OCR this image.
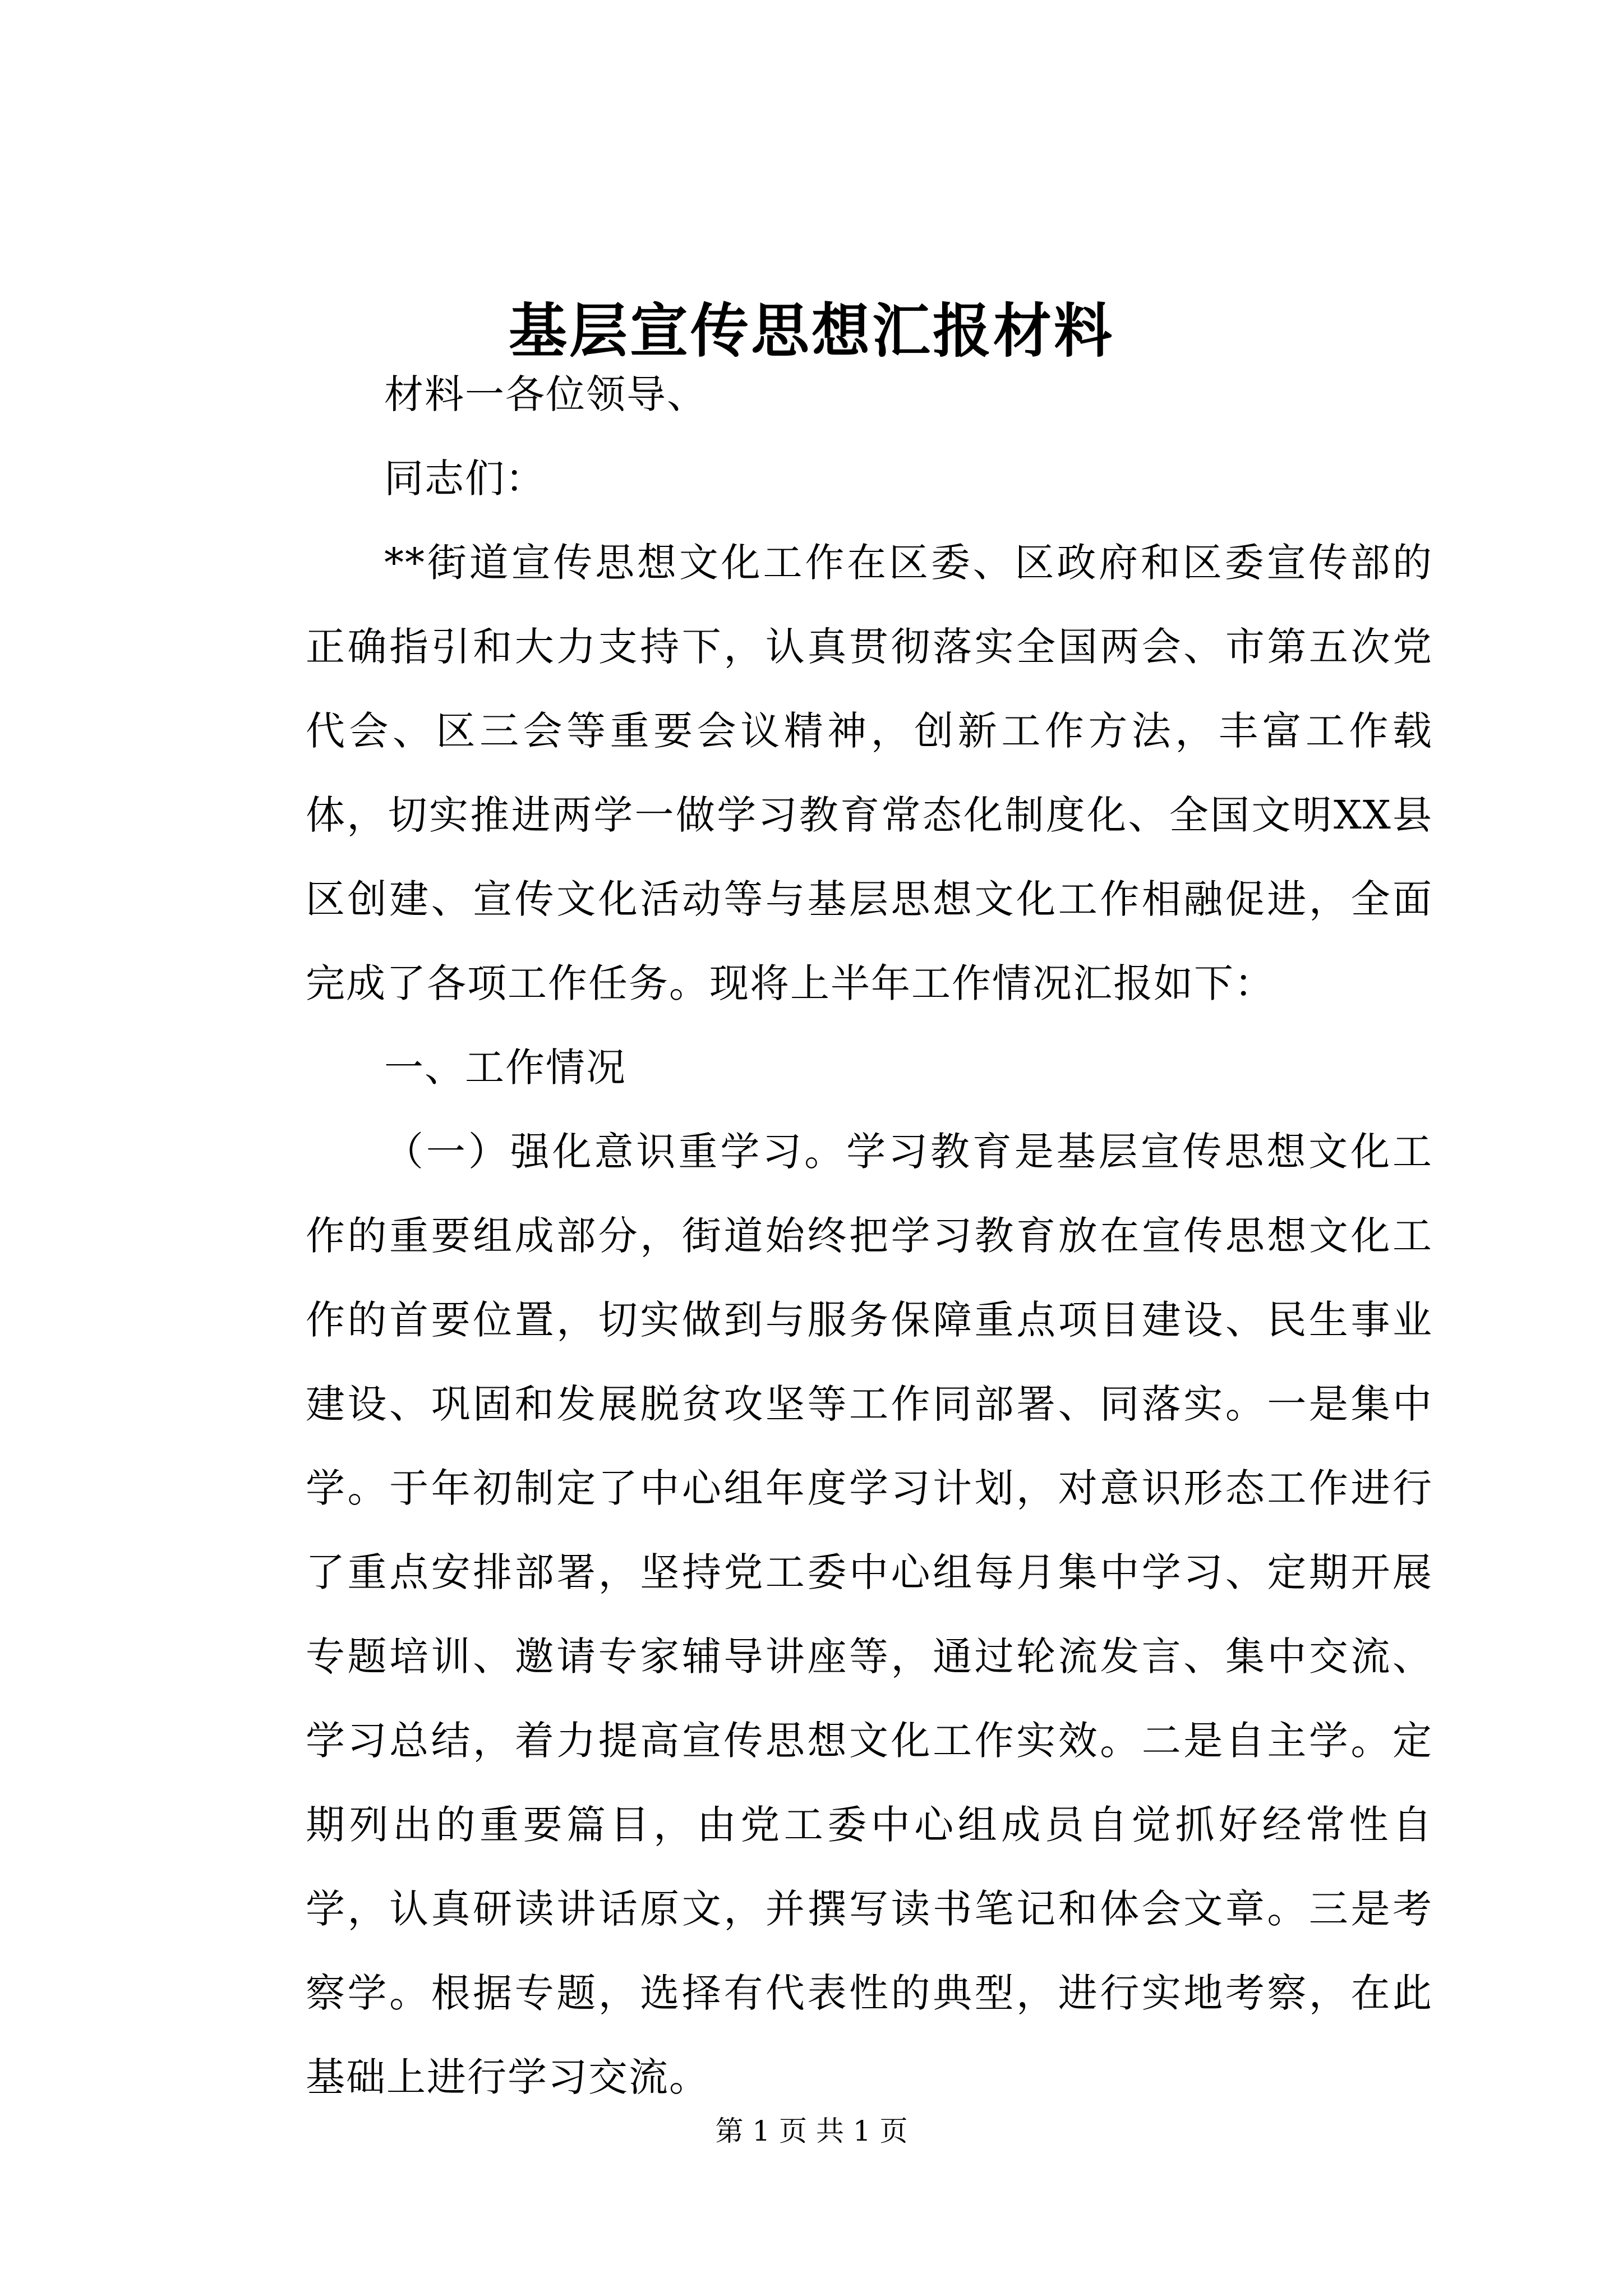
基层宣传思想汇报材料

材料一各位领导、

同志们：

**街道宣传思想文化工作在区委、区政府和区委宣传部的正确指引和大力支持下，认真贯彻落实全国两会、市第五次党代会、区三会等重要会议精神，创新工作方法，丰富工作载体，切实推进两学一做学习教育常态化制度化、全国文明XX县区创建、宣传文化活动等与基层思想文化工作相融促进，全面完成了各项工作任务。现将上半年工作情况汇报如下：

一、工作情况

（一）强化意识重学习。学习教育是基层宣传思想文化工作的重要组成部分，街道始终把学习教育放在宣传思想文化工作的首要位置，切实做到与服务保障重点项目建设、民生事业建设、巩固和发展脱贫攻坚等工作同部署、同落实。一是集中学。于年初制定了中心组年度学习计划，对意识形态工作进行了重点安排部署，坚持党工委中心组每月集中学习、定期开展专题培训、邀请专家辅导讲座等，通过轮流发言、集中交流、学习总结，着力提高宣传思想文化工作实效。二是自主学。定期列出的重要篇目，由党工委中心组成员自觉抓好经常性自学，认真研读讲话原文，并撰写读书笔记和体会文章。三是考察学。根据专题，选择有代表性的典型，进行实地考察，在此基础上进行学习交流。

第 1 页 共 1 页
